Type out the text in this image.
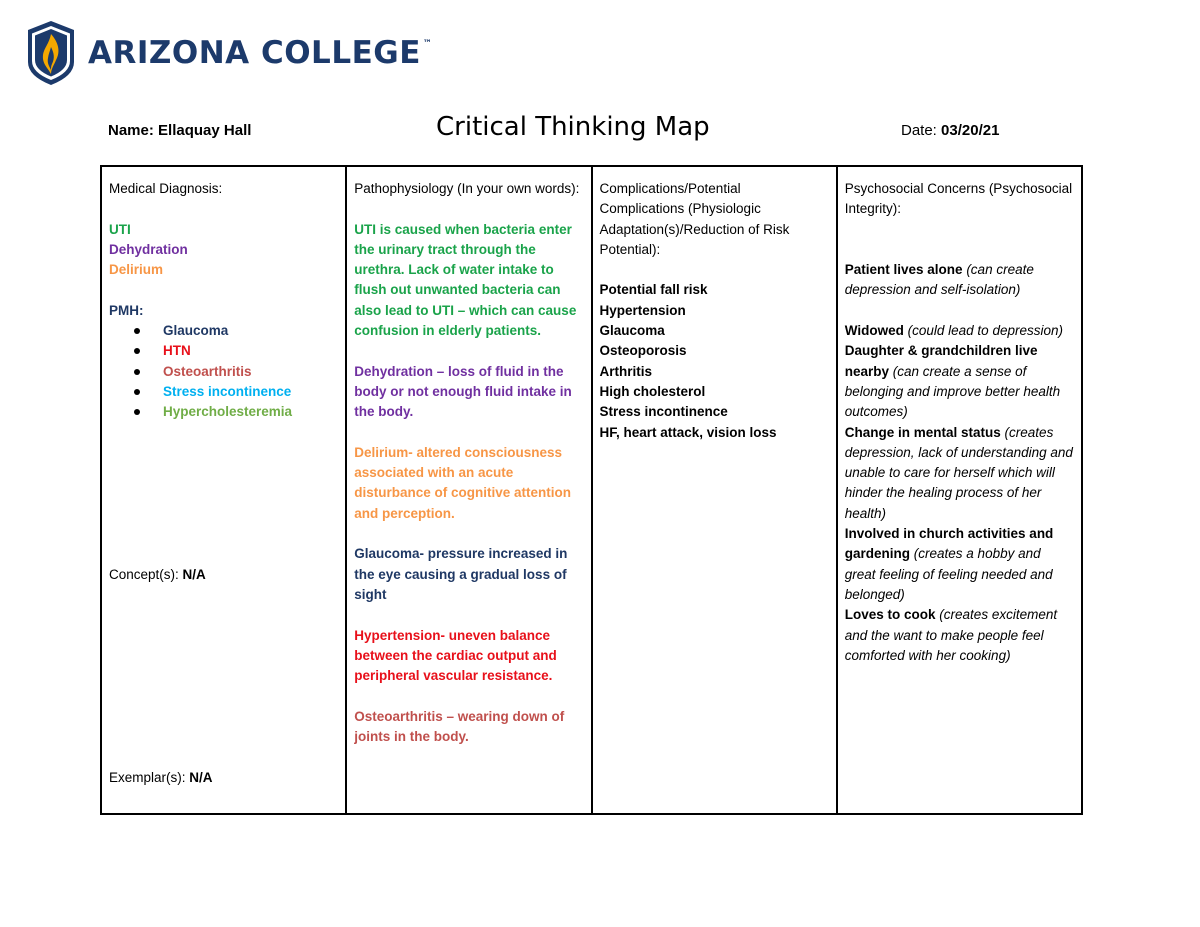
ARIZONA COLLEGE ™
Name: Ellaquay Hall	Critical Thinking Map	Date: 03/20/21

Medical Diagnosis:

UTI

Dehydration

Delirium

PMH:

Glaucoma
HTN
Osteoarthritis
Stress incontinence
Hypercholesteremia

Concept(s): N/A

Exemplar(s): N/A

Pathophysiology (In your own words):

UTI is caused when bacteria enter the urinary tract through the urethra. Lack of water intake to flush out unwanted bacteria can also lead to UTI – which can cause confusion in elderly patients.

Dehydration – loss of fluid in the body or not enough fluid intake in the body.

Delirium- altered consciousness associated with an acute disturbance of cognitive attention and perception.

Glaucoma- pressure increased in the eye causing a gradual loss of sight

Hypertension- uneven balance between the cardiac output and peripheral vascular resistance.

Osteoarthritis – wearing down of joints in the body.

Complications/Potential Complications (Physiologic Adaptation(s)/Reduction of Risk Potential):

Potential fall risk

Hypertension

Glaucoma

Osteoporosis

Arthritis

High cholesterol

Stress incontinence

HF, heart attack, vision loss

Psychosocial Concerns (Psychosocial Integrity):

Patient lives alone (can create depression and self-isolation)

Widowed (could lead to depression)

Daughter & grandchildren live nearby (can create a sense of belonging and improve better health outcomes)

Change in mental status (creates depression, lack of understanding and unable to care for herself which will hinder the healing process of her health)

Involved in church activities and gardening (creates a hobby and great feeling of feeling needed and belonged)

Loves to cook (creates excitement and the want to make people feel comforted with her cooking)
